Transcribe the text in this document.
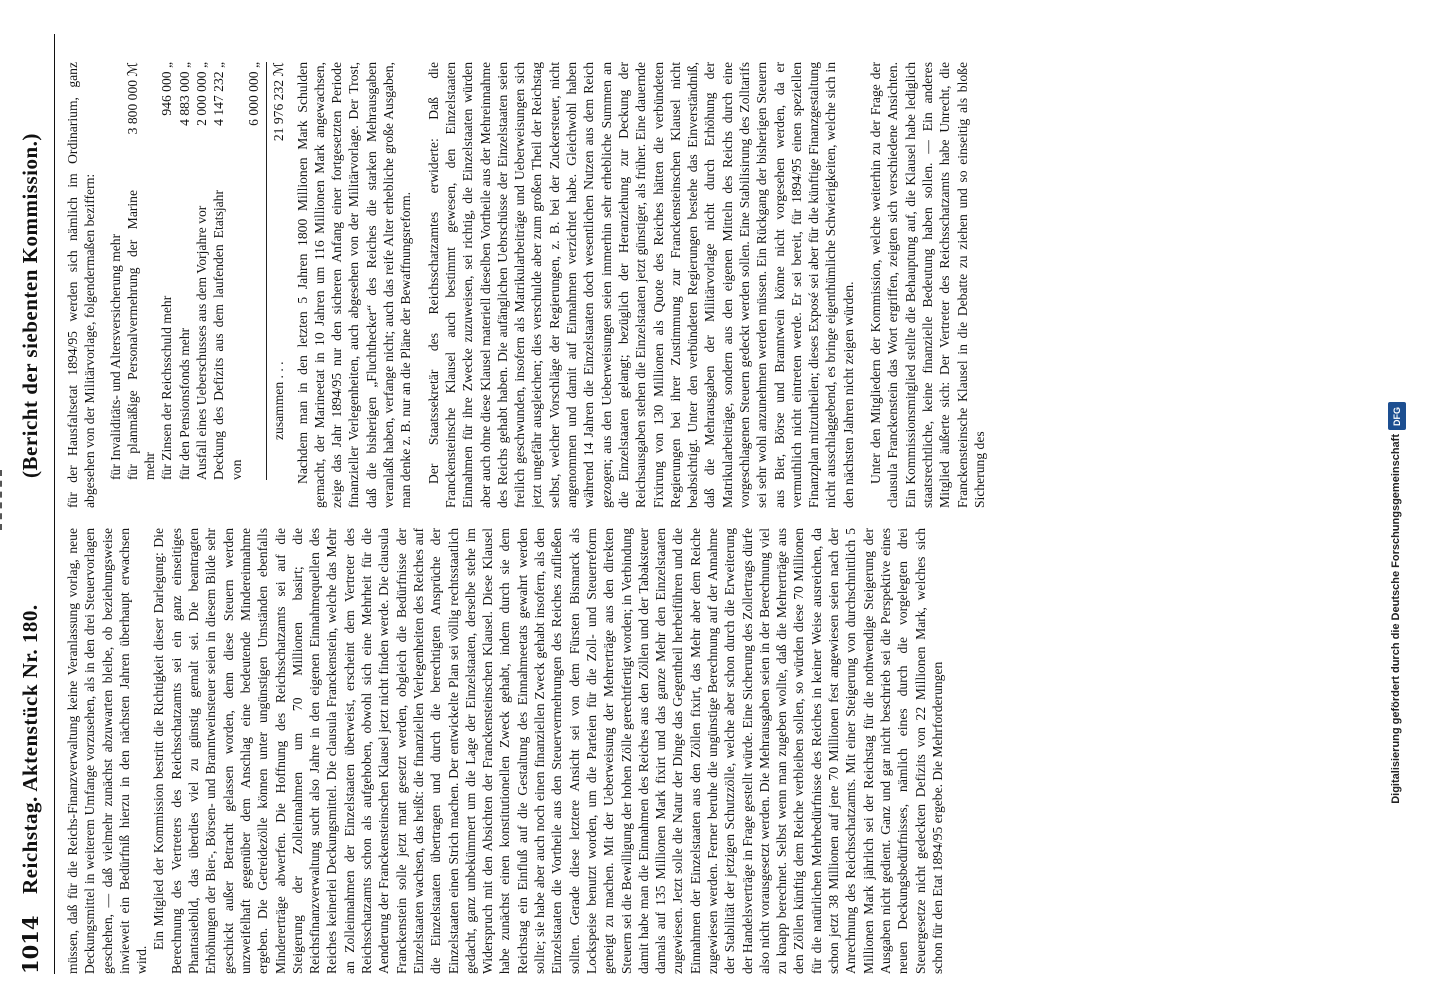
1014
Reichstag. Aktenstück Nr. 180.
(Bericht der siebenten Kommission.)

müssen, daß für die Reichs-Finanzverwaltung keine Veranlassung vorlag, neue Deckungsmittel in weiterem Umfange vorzusehen, als in den drei Steuervorlagen geschehen, — daß vielmehr zunächst abzuwarten bleibe, ob beziehungsweise inwieweit ein Bedürfniß hierzu in den nächsten Jahren überhaupt erwachsen wird.

Ein Mitglied der Kommission bestritt die Richtigkeit dieser Darlegung: Die Berechnung des Vertreters des Reichsschatzamts sei ein ganz einseitiges Phantasiebild, das überdies viel zu günstig gemalt sei. Die beantragten Erhöhungen der Bier-, Börsen- und Branntweinsteuer seien in diesem Bilde sehr geschickt außer Betracht gelassen worden, denn diese Steuern werden unzweifelhaft gegenüber dem Anschlag eine bedeutende Mindereinnahme ergeben. Die Getreidezölle können unter ungünstigen Umständen ebenfalls Mindererträge abwerfen. Die Hoffnung des Reichsschatzamts sei auf die Steigerung der Zolleinnahmen um 70 Millionen basirt; die Reichsfinanzverwaltung sucht also Jahre in den eigenen Einnahmequellen des Reiches keinerlei Deckungsmittel. Die clausula Franckenstein, welche das Mehr an Zolleinnahmen der Einzelstaaten überweist, erscheint dem Vertreter des Reichsschatzamts schon als aufgehoben, obwohl sich eine Mehrheit für die Aenderung der Franckensteinschen Klausel jetzt nicht finden werde. Die clausula Franckenstein solle jetzt matt gesetzt werden, obgleich die Bedürfnisse der Einzelstaaten wachsen, das heißt: die finanziellen Verlegenheiten des Reiches auf die Einzelstaaten übertragen und durch die berechtigten Ansprüche der Einzelstaaten einen Strich machen. Der entwickelte Plan sei völlig rechtsstaatlich gedacht, ganz unbekümmert um die Lage der Einzelstaaten, derselbe stehe im Widerspruch mit den Absichten der Franckensteinschen Klausel. Diese Klausel habe zunächst einen konstitutionellen Zweck gehabt, indem durch sie dem Reichstag ein Einfluß auf die Gestaltung des Einnahmeetats gewahrt werden sollte; sie habe aber auch noch einen finanziellen Zweck gehabt insofern, als den Einzelstaaten die Vortheile aus den Steuervermehrungen des Reiches zufließen sollten. Gerade diese letztere Ansicht sei von dem Fürsten Bismarck als Lockspeise benutzt worden, um die Parteien für die Zoll- und Steuerreform geneigt zu machen. Mit der Ueberweisung der Mehrerträge aus den direkten Steuern sei die Bewilligung der hohen Zölle gerechtfertigt worden; in Verbindung damit habe man die Einnahmen des Reiches aus den Zöllen und der Tabaksteuer damals auf 135 Millionen Mark fixirt und das ganze Mehr den Einzelstaaten zugewiesen. Jetzt solle die Natur der Dinge das Gegentheil herbeiführen und die Einnahmen der Einzelstaaten aus den Zöllen fixirt, das Mehr aber dem Reiche zugewiesen werden. Ferner beruhe die ungünstige Berechnung auf der Annahme der Stabilität der jetzigen Schutzzölle, welche aber schon durch die Erweiterung der Handelsverträge in Frage gestellt würde. Eine Sicherung des Zollertrags dürfe also nicht vorausgesetzt werden. Die Mehrausgaben seien in der Berechnung viel zu knapp berechnet. Selbst wenn man zugeben wollte, daß die Mehrerträge aus den Zöllen künftig dem Reiche verbleiben sollen, so würden diese 70 Millionen für die natürlichen Mehrbedürfnisse des Reiches in keiner Weise ausreichen, da schon jetzt 38 Millionen auf jene 70 Millionen fest angewiesen seien nach der Anrechnung des Reichsschatzamts. Mit einer Steigerung von durchschnittlich 5 Millionen Mark jährlich sei der Reichstag für die nothwendige Steigerung der Ausgaben nicht gedient. Ganz und gar nicht beschrieb sei die Perspektive eines neuen Deckungsbedürfnisses, nämlich eines durch die vorgelegten drei Steuergesetze nicht gedeckten Defizits von 22 Millionen Mark, welches sich schon für den Etat 1894/95 ergebe. Die Mehrforderungen

für der Hausfaltsetat 1894/95 werden sich nämlich im Ordinarium, ganz abgesehen von der Militärvorlage, folgendermaßen beziffern: für Invaliditäts- und Altersversicherung mehr für planmäßige Personalvermehrung der Marine mehr
3 800 000 ℳ
für Zinsen der Reichsschuld mehr
946 000 „
für den Pensionsfonds mehr
4 883 000 „
Ausfall eines Ueberschusses aus dem Vorjahre vor
2 000 000 „
Deckung des Defizits aus dem laufenden Etatsjahr von
4 147 232 „	6 000 000 „
zusammen . . .
21 976 232 ℳ Nachdem man in den letzten 5 Jahren 1800 Millionen Mark Schulden gemacht, der Marineetat in 10 Jahren um 116 Millionen Mark angewachsen, zeige das Jahr 1894/95 nur den sicheren Anfang einer fortgesetzten Periode finanzieller Verlegenheiten, auch abgesehen von der Militärvorlage. Der Trost, daß die bisherigen „Fluchthecker“ des Reiches die starken Mehrausgaben veranlaßt haben, verfange nicht; auch das reife Alter erhebliche große Ausgaben, man denke z. B. nur an die Pläne der Bewaffnungsreform. Der Staatssekretär des Reichsschatzamtes erwiderte: Daß die Franckensteinsche Klausel auch bestimmt gewesen, den Einzelstaaten Einnahmen für ihre Zwecke zuzuweisen, sei richtig, die Einzelstaaten würden aber auch ohne diese Klausel materiell dieselben Vortheile aus der Mehreinnahme des Reichs gehabt haben. Die aufänglichen Uebrschüsse der Einzelstaaten seien freilich geschwunden, insofern als Matrikularbeiträge und Ueberweisungen sich jetzt ungefähr ausgleichen; dies verschulde aber zum großen Theil der Reichstag selbst, welcher Vorschläge der Regierungen, z. B. bei der Zuckersteuer, nicht angenommen und damit auf Einnahmen verzichtet habe. Gleichwohl haben während 14 Jahren die Einzelstaaten doch wesentlichen Nutzen aus dem Reich gezogen; aus den Ueberweisungen seien immerhin sehr erhebliche Summen an die Einzelstaaten gelangt; bezüglich der Heranziehung zur Deckung der Reichsausgaben stehen die Einzelstaaten jetzt günstiger, als früher. Eine dauernde Fixirung von 130 Millionen als Quote des Reiches hätten die verbündeten Regierungen bei ihrer Zustimmung zur Franckensteinschen Klausel nicht beabsichtigt. Unter den verbündeten Regierungen bestehe das Einverständniß, daß die Mehrausgaben der Militärvorlage nicht durch Erhöhung der Matrikularbeiträge, sondern aus den eigenen Mitteln des Reichs durch eine vorgeschlagenen Steuern gedeckt werden sollen. Eine Stabilisirung des Zolltarifs sei sehr wohl anzunehmen werden müssen. Ein Rückgang der bisherigen Steuern aus Bier, Börse und Branntwein könne nicht vorgesehen werden, da er vermuthlich nicht eintreten werde. Er sei bereit, für 1894/95 einen speziellen Finanzplan mitzutheilen; dieses Exposé sei aber für die künftige Finanzgestaltung nicht ausschlaggebend, es bringe eigenthümliche Schwierigkeiten, welche sich in den nächsten Jahren nicht zeigen würden. Unter den Mitgliedern der Kommission, welche weiterhin zu der Frage der clausula Franckenstein das Wort ergriffen, zeigten sich verschiedene Ansichten. Ein Kommissionsmitglied stellte die Behauptung auf, die Klausel habe lediglich staatsrechtliche, keine finanzielle Bedeutung haben sollen. — Ein anderes Mitglied äußerte sich: Der Vertreter des Reichsschatzamts habe Unrecht, die Franckensteinsche Klausel in die Debatte zu ziehen und so einseitig als bloße Sicherung des

DFG
Digitalisierung gefördert durch die Deutsche Forschungsgemeinschaft
